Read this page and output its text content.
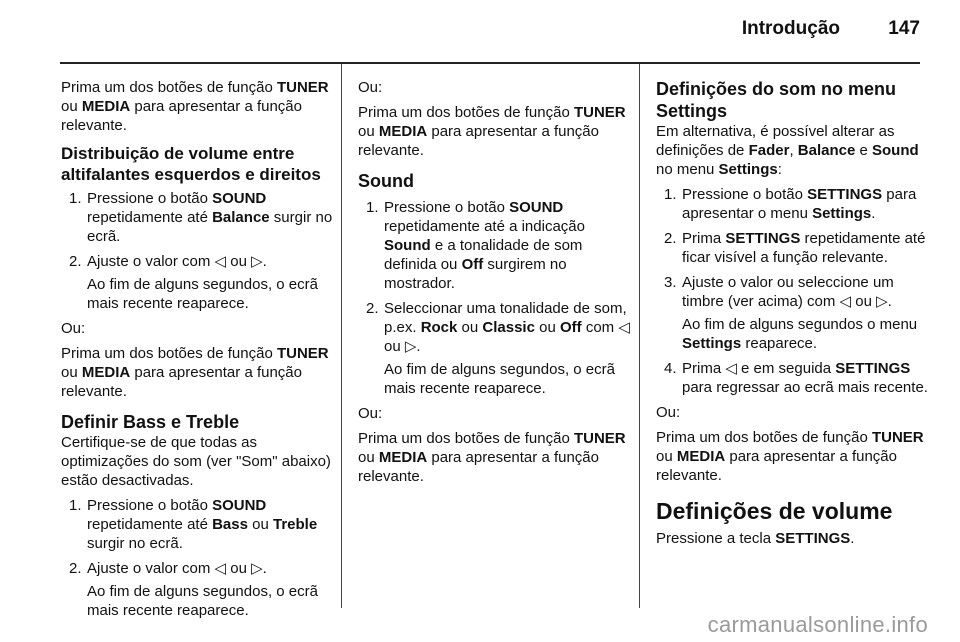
Introdução	147

Prima um dos botões de função TUNER ou MEDIA para apresentar a função relevante.

Distribuição de volume entre altifalantes esquerdos e direitos
1. Pressione o botão SOUND repetidamente até Balance surgir no ecrã.
2. Ajuste o valor com ◁ ou ▷.
Ao fim de alguns segundos, o ecrã mais recente reaparece.

Ou:

Prima um dos botões de função TUNER ou MEDIA para apresentar a função relevante.

Definir Bass e Treble

Certifique-se de que todas as optimizações do som (ver "Som" abaixo) estão desactivadas.

1. Pressione o botão SOUND repetidamente até Bass ou Treble surgir no ecrã.
2. Ajuste o valor com ◁ ou ▷.
Ao fim de alguns segundos, o ecrã mais recente reaparece.

Ou:

Prima um dos botões de função TUNER ou MEDIA para apresentar a função relevante.

Sound
1. Pressione o botão SOUND repetidamente até a indicação Sound e a tonalidade de som definida ou Off surgirem no mostrador.
2. Seleccionar uma tonalidade de som, p.ex. Rock ou Classic ou Off com ◁ ou ▷.
Ao fim de alguns segundos, o ecrã mais recente reaparece.

Ou:

Prima um dos botões de função TUNER ou MEDIA para apresentar a função relevante.

Definições do som no menu Settings

Em alternativa, é possível alterar as definições de Fader, Balance e Sound no menu Settings:

1. Pressione o botão SETTINGS para apresentar o menu Settings.
2. Prima SETTINGS repetidamente até ficar visível a função relevante.
3. Ajuste o valor ou seleccione um timbre (ver acima) com ◁ ou ▷.
Ao fim de alguns segundos o menu Settings reaparece.
4. Prima ◁ e em seguida SETTINGS para regressar ao ecrã mais recente.

Ou:

Prima um dos botões de função TUNER ou MEDIA para apresentar a função relevante.

Definições de volume

Pressione a tecla SETTINGS.

carmanualsonline.info
